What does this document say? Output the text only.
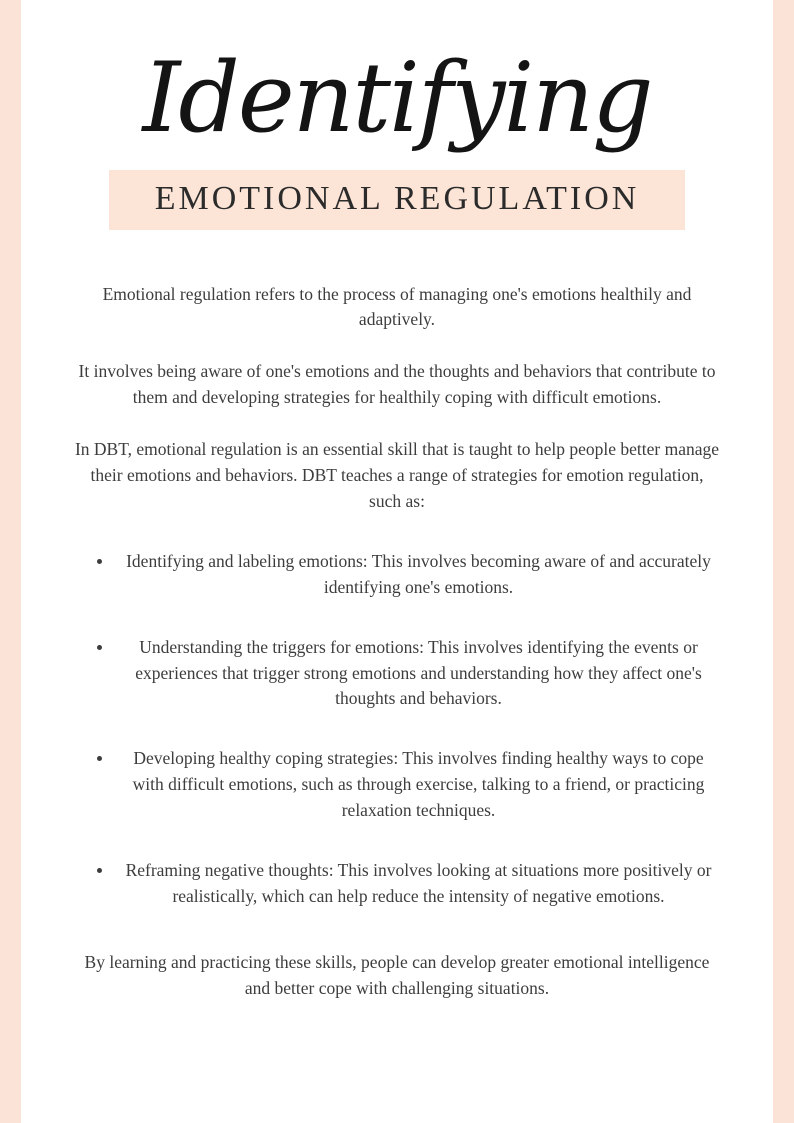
Identifying
EMOTIONAL REGULATION

Emotional regulation refers to the process of managing one's emotions healthily and adaptively.

It involves being aware of one's emotions and the thoughts and behaviors that contribute to them and developing strategies for healthily coping with difficult emotions.

In DBT, emotional regulation is an essential skill that is taught to help people better manage their emotions and behaviors. DBT teaches a range of strategies for emotion regulation, such as:

Identifying and labeling emotions: This involves becoming aware of and accurately identifying one's emotions.

Understanding the triggers for emotions: This involves identifying the events or experiences that trigger strong emotions and understanding how they affect one's thoughts and behaviors.

Developing healthy coping strategies: This involves finding healthy ways to cope with difficult emotions, such as through exercise, talking to a friend, or practicing relaxation techniques.

Reframing negative thoughts: This involves looking at situations more positively or realistically, which can help reduce the intensity of negative emotions.

By learning and practicing these skills, people can develop greater emotional intelligence and better cope with challenging situations.
